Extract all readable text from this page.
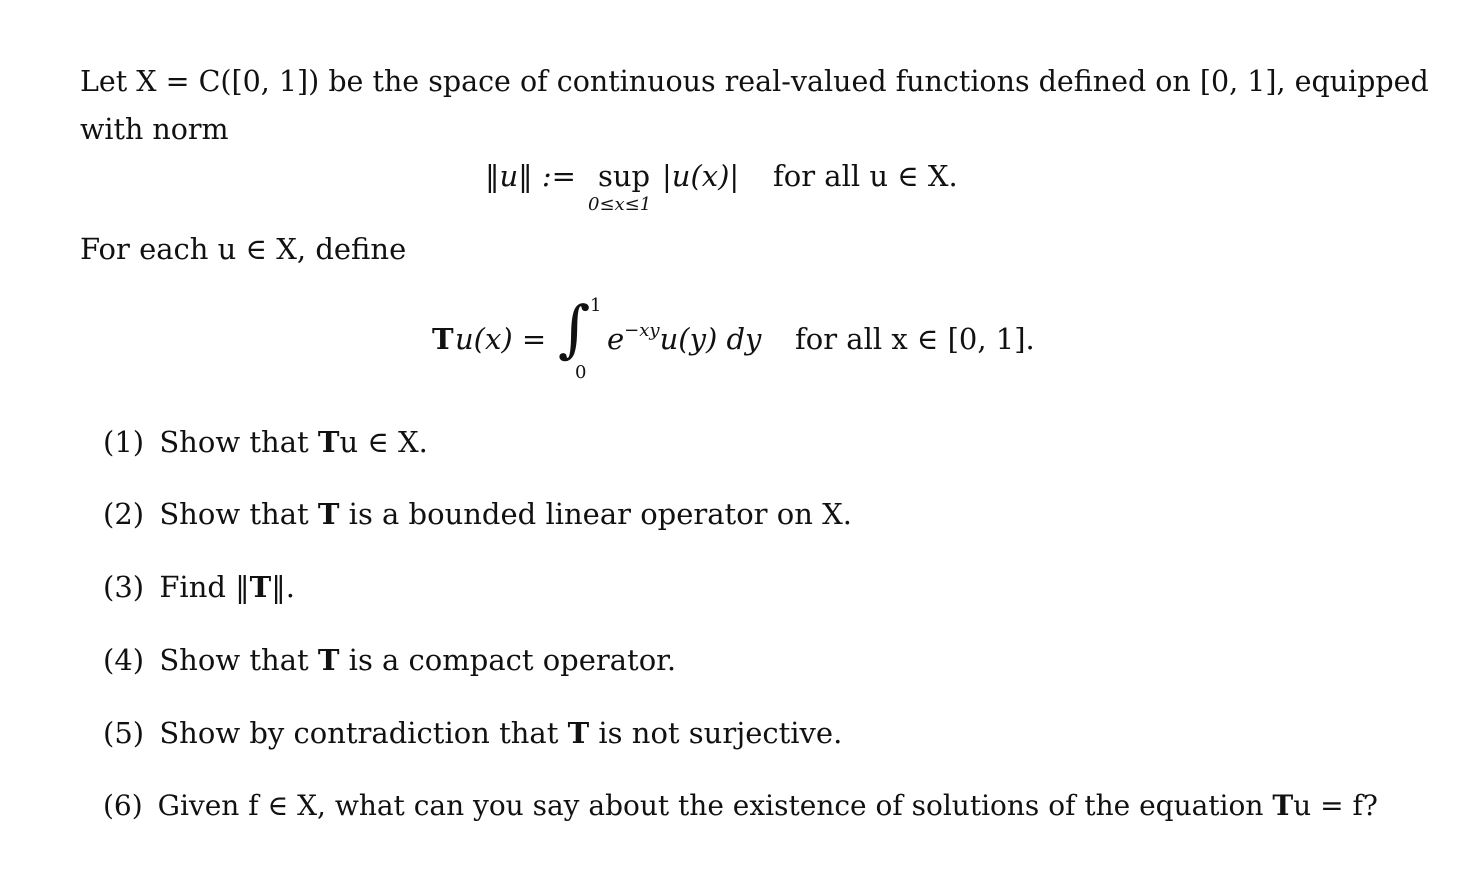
Let X = C([0, 1]) be the space of continuous real-valued functions defined on [0, 1], equipped
with norm
‖u‖ := sup
0≤x≤1
|u(x)| for all u ∈ X.
For each u ∈ X, define
T u(x) = ∫ 1
0
$e^{-xy}u(y)$ dy for all x ∈ [0, 1].
(1) Show that Tu ∈ X.
(2) Show that T is a bounded linear operator on X.
(3) Find ‖T‖.
(4) Show that T is a compact operator.
(5) Show by contradiction that T is not surjective.
(6) Given f ∈ X, what can you say about the existence of solutions of the equation Tu = f?
